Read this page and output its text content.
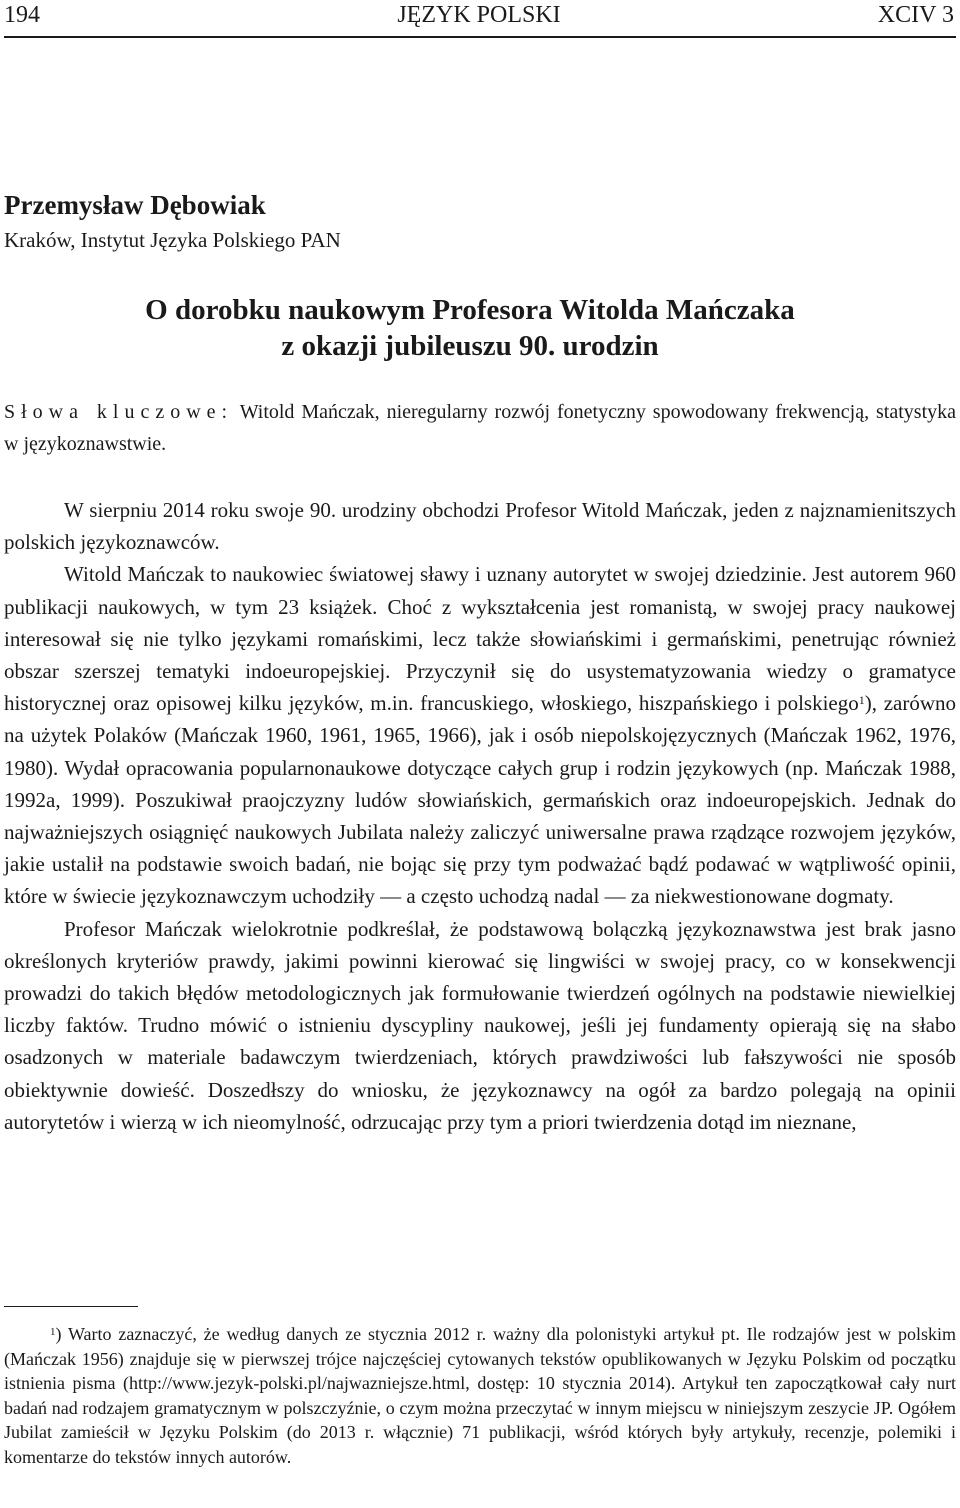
194	JĘZYK POLSKI	XCIV 3
Przemysław Dębowiak
Kraków, Instytut Języka Polskiego PAN
O dorobku naukowym Profesora Witolda Mańczaka
z okazji jubileuszu 90. urodzin
Słowa kluczowe: Witold Mańczak, nieregularny rozwój fonetyczny spowodowany frekwencją, statystyka w językoznawstwie.

W sierpniu 2014 roku swoje 90. urodziny obchodzi Profesor Witold Mańczak, jeden z najznamienitszych polskich językoznawców.

Witold Mańczak to naukowiec światowej sławy i uznany autorytet w swojej dziedzinie. Jest autorem 960 publikacji naukowych, w tym 23 książek. Choć z wykształcenia jest romanistą, w swojej pracy naukowej interesował się nie tylko językami romańskimi, lecz także słowiańskimi i germańskimi, penetrując również obszar szerszej tematyki indoeuropejskiej. Przyczynił się do usystematyzowania wiedzy o gramatyce historycznej oraz opisowej kilku języków, m.in. francuskiego, włoskiego, hiszpańskiego i polskiego$^1$), zarówno na użytek Polaków (Mańczak 1960, 1961, 1965, 1966), jak i osób niepolskojęzycznych (Mańczak 1962, 1976, 1980). Wydał opracowania popularnonaukowe dotyczące całych grup i rodzin językowych (np. Mańczak 1988, 1992a, 1999). Poszukiwał praojczyzny ludów słowiańskich, germańskich oraz indoeuropejskich. Jednak do najważniejszych osiągnięć naukowych Jubilata należy zaliczyć uniwersalne prawa rządzące rozwojem języków, jakie ustalił na podstawie swoich badań, nie bojąc się przy tym podważać bądź podawać w wątpliwość opinii, które w świecie językoznawczym uchodziły — a często uchodzą nadal — za niekwestionowane dogmaty.

Profesor Mańczak wielokrotnie podkreślał, że podstawową bolączką językoznawstwa jest brak jasno określonych kryteriów prawdy, jakimi powinni kierować się lingwiści w swojej pracy, co w konsekwencji prowadzi do takich błędów metodologicznych jak formułowanie twierdzeń ogólnych na podstawie niewielkiej liczby faktów. Trudno mówić o istnieniu dyscypliny naukowej, jeśli jej fundamenty opierają się na słabo osadzonych w materiale badawczym twierdzeniach, których prawdziwości lub fałszywości nie sposób obiektywnie dowieść. Doszedłszy do wniosku, że językoznawcy na ogół za bardzo polegają na opinii autorytetów i wierzą w ich nieomylność, odrzucając przy tym a priori twierdzenia dotąd im nieznane,

$^1$) Warto zaznaczyć, że według danych ze stycznia 2012 r. ważny dla polonistyki artykuł pt. Ile rodzajów jest w polskim (Mańczak 1956) znajduje się w pierwszej trójce najczęściej cytowanych tekstów opublikowanych w Języku Polskim od początku istnienia pisma (http://www.jezyk-polski.pl/najwazniejsze.html, dostęp: 10 stycznia 2014). Artykuł ten zapoczątkował cały nurt badań nad rodzajem gramatycznym w polszczyźnie, o czym można przeczytać w innym miejscu w niniejszym zeszycie JP. Ogółem Jubilat zamieścił w Języku Polskim (do 2013 r. włącznie) 71 publikacji, wśród których były artykuły, recenzje, polemiki i komentarze do tekstów innych autorów.
